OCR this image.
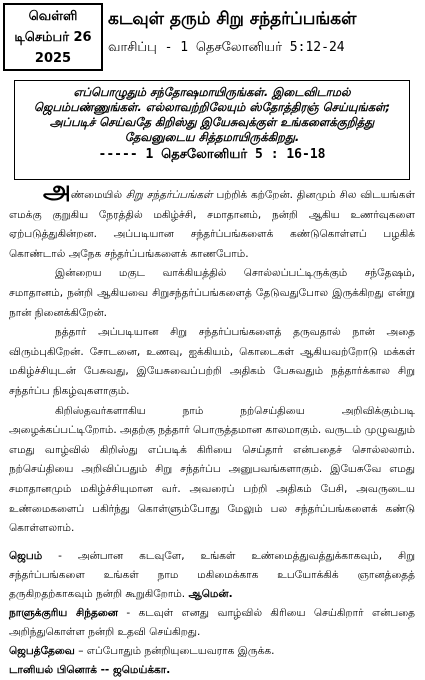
வெள்ளி
டிசெம்பர் 26
2025
கடவுள் தரும் சிறு சந்தர்ப்பங்கள்
வாசிப்பு - 1 தெசலோனியர் 5:12-24
எப்பொழுதும் சந்தோஷமாயிருங்கள். இடைவிடாமல் ஜெபம்பண்ணுங்கள். எல்லாவற்றிலேயும் ஸ்தோத்திரஞ் செய்யுங்கள்; அப்படிச் செய்வதே கிறிஸ்து இயேசுவுக்குள் உங்களைக்குறித்து தேவனுடைய சித்தமாயிருக்கிறது.
----- 1 தெசலோனியர் 5 : 16-18

அண்மையில் சிறு சந்தர்ப்பங்கள் பற்றிக் கற்றேன். தினமும் சில விடயங்கள் எமக்கு குறுகிய நேரத்தில் மகிழ்ச்சி, சமாதானம், நன்றி ஆகிய உணர்வுகளை ஏற்படுத்துகின்றன. அப்படியான சந்தர்ப்பங்களைக் கண்டுகொள்ளப் பழகிக் கொண்டால் அநேக சந்தர்ப்பங்களைக் காணபோம்.

இன்றைய மகுட வாக்கியத்தில் சொல்லப்பட்டிருக்கும் சந்தேஷம், சமாதானம், நன்றி ஆகியவை சிறுசந்தர்ப்பங்களைத் தேடுவதுபோல இருக்கிறது என்று நான் நினைக்கிறேன்.

நத்தார் அப்படியான சிறு சந்தர்ப்பங்களைத் தருவதால் நான் அதை விரும்புகிறேன். சோடனை, உணவு, ஐக்கியம், கொடைகள் ஆகியவற்றோடு மக்கள் மகிழ்ச்சியுடன் பேசுவது, இயேசுவைப்பற்றி அதிகம் பேசுவதும் நத்தார்க்கால சிறு சந்தர்ப்ப நிகழ்வுகளாகும்.

கிறிஸ்தவர்களாகிய நாம் நற்செய்தியை அறிவிக்கும்படி அழைக்கப்பட்டிறோம். அதற்கு நத்தார் பொருத்தமான காலமாகும். வருடம் முழுவதும் எமது வாழ்வில் கிறிஸ்து எப்படிக் கிரியை செய்தார் என்பதைச் சொல்லலாம். நற்செய்தியை அறிவிப்பதும் சிறு சந்தர்ப்ப அனுபவங்களாகும். இயேசுவே எமது சமாதானமும் மகிழ்ச்சியுமான வர். அவரைப் பற்றி அதிகம் பேசி, அவருடைய உண்மைகளைப் பகிர்ந்து கொள்ளும்போது மேலும் பல சந்தர்ப்பங்களைக் கண்டு கொள்ளலாம்.

ஜெபம் - அன்பான கடவுளே, உங்கள் உண்மைத்துவத்துக்காகவும், சிறு சந்தர்ப்பங்களை உங்கள் நாம மகிமைக்காக உபயோக்கிக் ஞானத்தைத் தருகிறதற்காகவும் நன்றி கூறுகிறோம். ஆமென்.

நாளுக்குரிய சிந்தனை - கடவுள் எனது வாழ்வில் கிரியை செய்கிறார் என்பதை அறிந்துகொள்ள நன்றி உதவி செய்கிறது.

ஜெபத்தேவை – எப்போதும் நன்றியுடையவராக இருக்க.

டானியல் பினொக் -- ஜமெய்க்கா.
